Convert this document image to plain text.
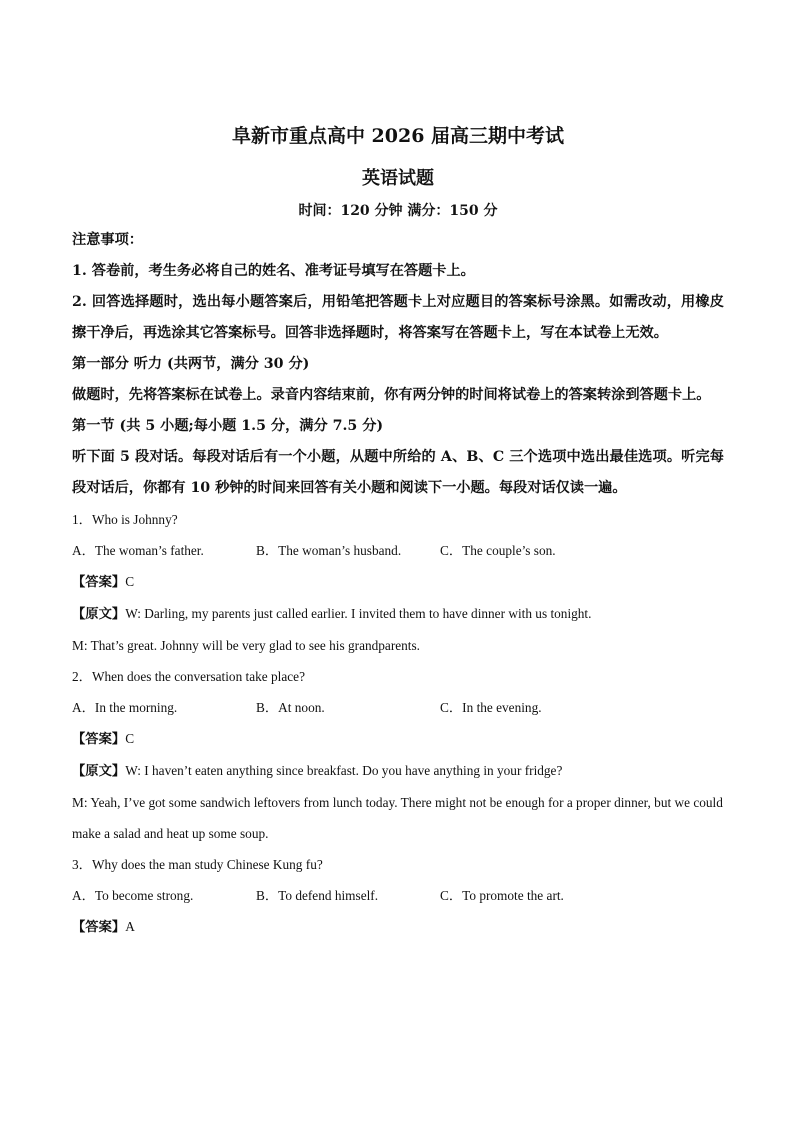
阜新市重点高中 2026 届高三期中考试
英语试题
时间：120 分钟 满分：150 分
注意事项：
1. 答卷前，考生务必将自己的姓名、准考证号填写在答题卡上。
2. 回答选择题时，选出每小题答案后，用铅笔把答题卡上对应题目的答案标号涂黑。如需改动，用橡皮擦干净后，再选涂其它答案标号。回答非选择题时，将答案写在答题卡上，写在本试卷上无效。
第一部分 听力 (共两节，满分 30 分)
做题时，先将答案标在试卷上。录音内容结束前，你有两分钟的时间将试卷上的答案转涂到答题卡上。
第一节 (共 5 小题;每小题 1.5 分，满分 7.5 分)
听下面 5 段对话。每段对话后有一个小题，从题中所给的 A、B、C 三个选项中选出最佳选项。听完每段对话后，你都有 10 秒钟的时间来回答有关小题和阅读下一小题。每段对话仅读一遍。
1．Who is Johnny?
A．The woman’s father.	B．The woman’s husband.	C．The couple’s son.
【答案】C
【原文】W: Darling, my parents just called earlier. I invited them to have dinner with us tonight.
M: That’s great. Johnny will be very glad to see his grandparents.
2．When does the conversation take place?
A．In the morning.	B．At noon.	C．In the evening.
【答案】C
【原文】W: I haven’t eaten anything since breakfast. Do you have anything in your fridge?
M: Yeah, I’ve got some sandwich leftovers from lunch today. There might not be enough for a proper dinner, but we could make a salad and heat up some soup.
3．Why does the man study Chinese Kung fu?
A．To become strong.	B．To defend himself.	C．To promote the art.
【答案】A
